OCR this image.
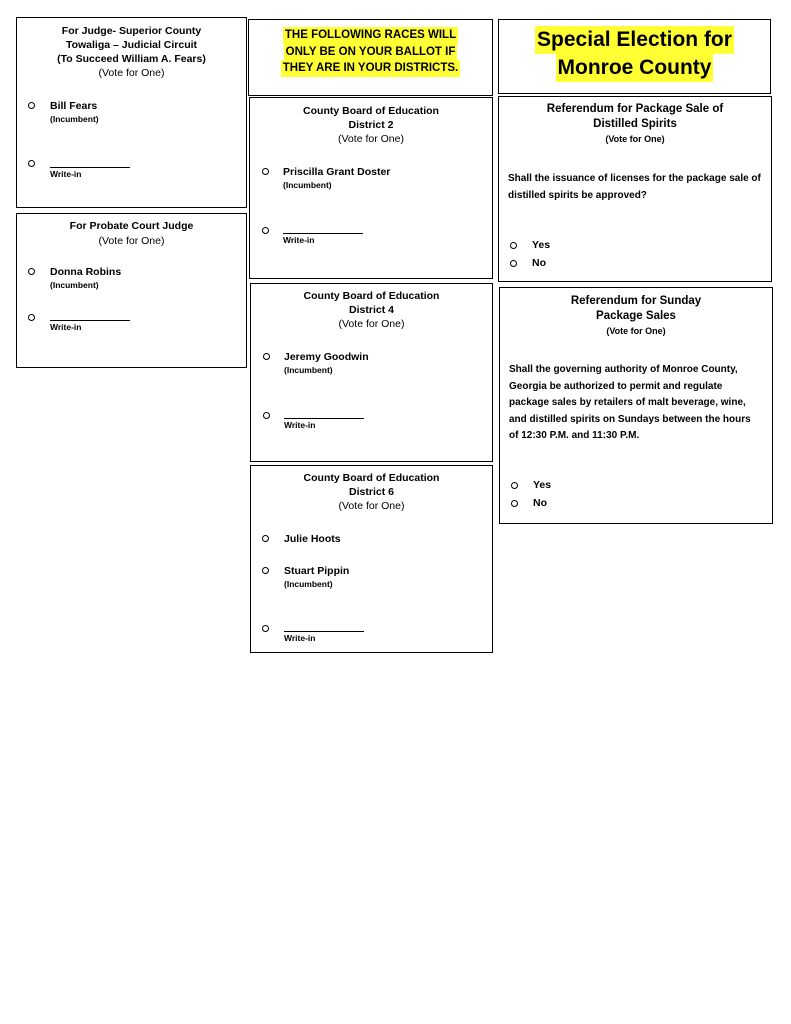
For Judge- Superior County
Towaliga – Judicial Circuit
(To Succeed William A. Fears)
(Vote for One)
Bill Fears
(Incumbent)
Write-in
For Probate Court Judge
(Vote for One)
Donna Robins
(Incumbent)
Write-in
THE FOLLOWING RACES WILL
ONLY BE ON YOUR BALLOT IF
THEY ARE IN YOUR DISTRICTS.
Special Election for
Monroe County
County Board of Education
District 2
(Vote for One)
Priscilla Grant Doster
(Incumbent)
Write-in
County Board of Education
District 4
(Vote for One)
Jeremy Goodwin
(Incumbent)
Write-in
County Board of Education
District 6
(Vote for One)
Julie Hoots
Stuart Pippin
(Incumbent)
Write-in
Referendum for Package Sale of
Distilled Spirits
(Vote for One)
Shall the issuance of licenses for the package sale of distilled spirits be approved?
Yes
No
Referendum for Sunday
Package Sales
(Vote for One)
Shall the governing authority of Monroe County, Georgia be authorized to permit and regulate package sales by retailers of malt beverage, wine, and distilled spirits on Sundays between the hours of 12:30 P.M. and 11:30 P.M.
Yes
No
